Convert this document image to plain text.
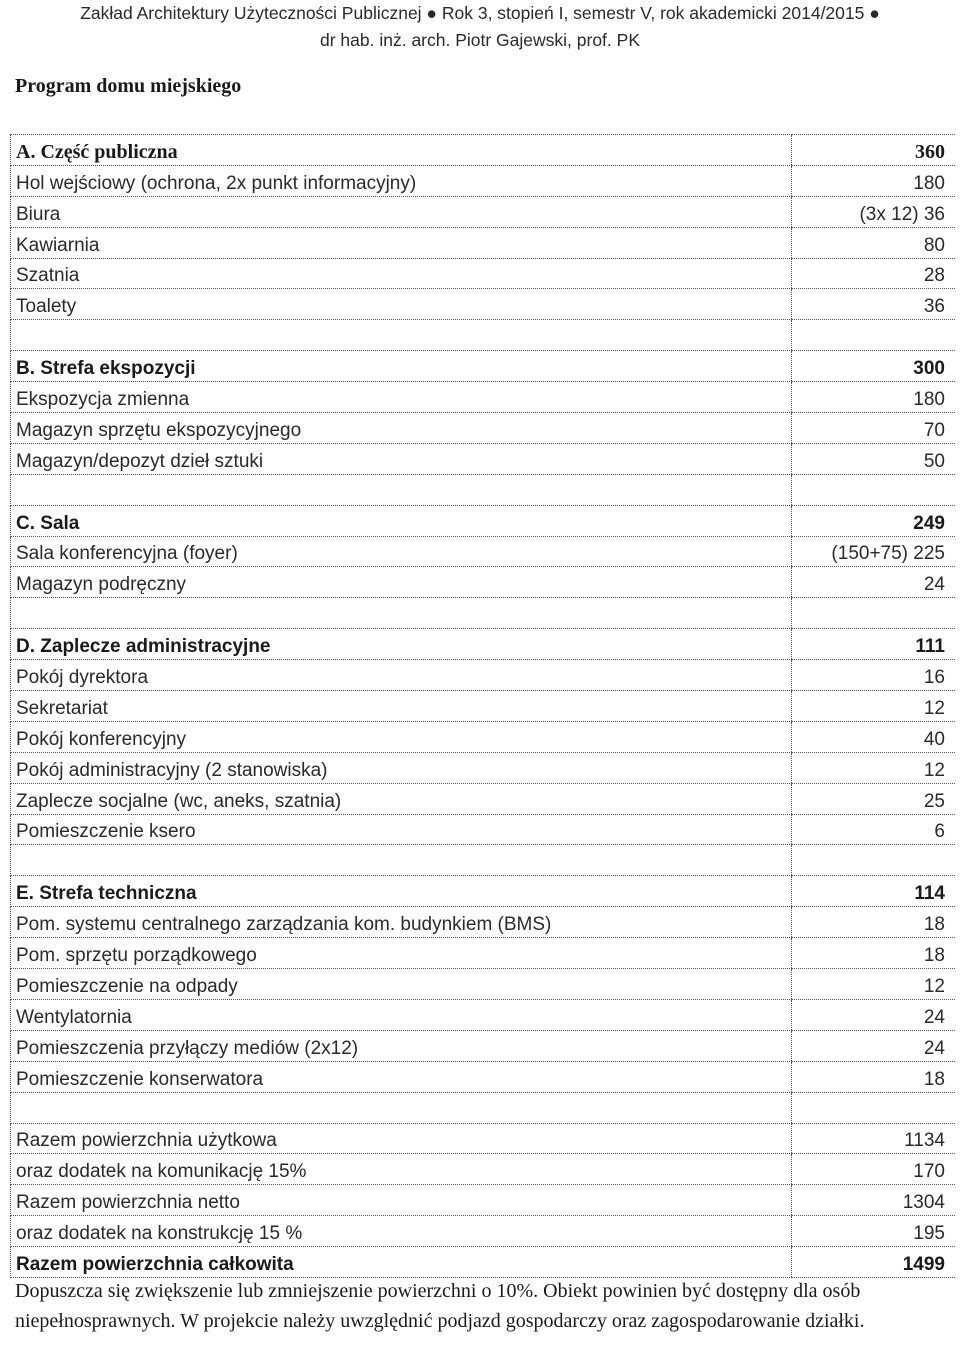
Zakład Architektury Użyteczności Publicznej ● Rok 3, stopień I, semestr V, rok akademicki 2014/2015 ●
dr hab. inż. arch. Piotr Gajewski, prof. PK
Program domu miejskiego
A. Część publiczna	360
Hol wejściowy (ochrona, 2x punkt informacyjny)	180
Biura	(3x 12) 36
Kawiarnia	80
Szatnia	28
Toalety	36

B. Strefa ekspozycji	300
Ekspozycja zmienna	180
Magazyn sprzętu ekspozycyjnego	70
Magazyn/depozyt dzieł sztuki	50

C. Sala	249
Sala konferencyjna (foyer)	(150+75) 225
Magazyn podręczny	24

D. Zaplecze administracyjne	111
Pokój dyrektora	16
Sekretariat	12
Pokój konferencyjny	40
Pokój administracyjny (2 stanowiska)	12
Zaplecze socjalne (wc, aneks, szatnia)	25
Pomieszczenie ksero	6

E. Strefa techniczna	114
Pom. systemu centralnego zarządzania kom. budynkiem (BMS)	18
Pom. sprzętu porządkowego	18
Pomieszczenie na odpady	12
Wentylatornia	24
Pomieszczenia przyłączy mediów (2x12)	24
Pomieszczenie konserwatora	18

Razem powierzchnia użytkowa	1134
oraz dodatek na komunikację 15%	170
Razem powierzchnia netto	1304
oraz dodatek na konstrukcję 15 %	195
Razem powierzchnia całkowita	1499
Dopuszcza się zwiększenie lub zmniejszenie powierzchni o 10%. Obiekt powinien być dostępny dla osób niepełnosprawnych. W projekcie należy uwzględnić podjazd gospodarczy oraz zagospodarowanie działki.
